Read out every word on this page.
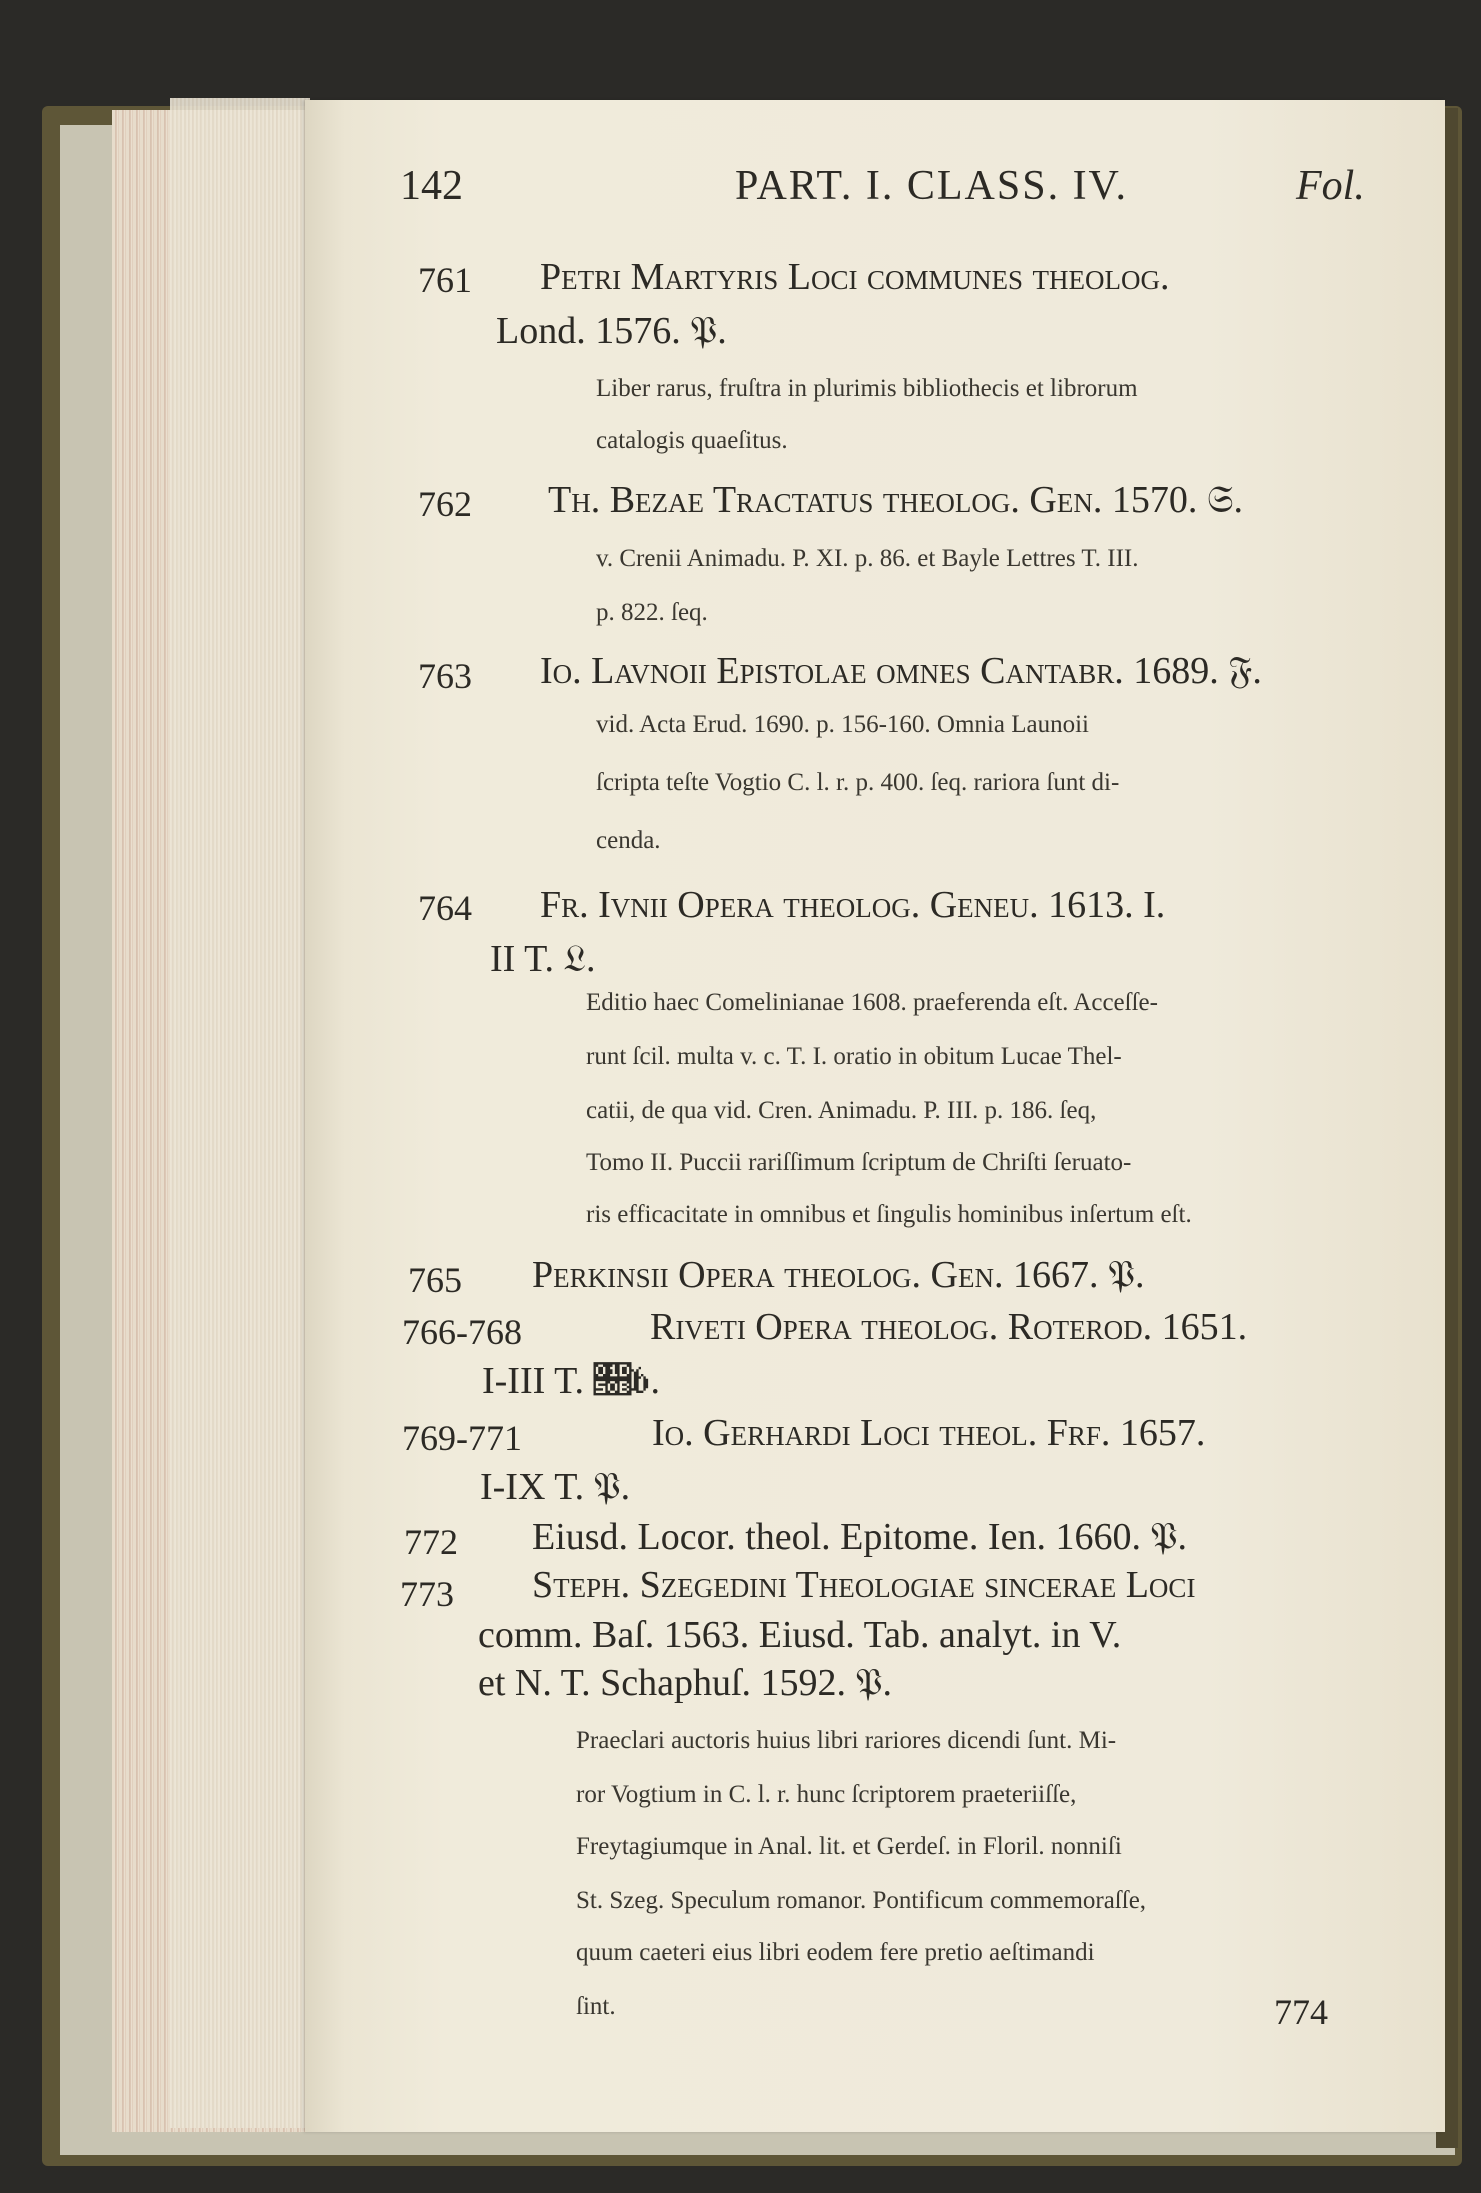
142	PART. I. CLASS. IV.	Fol.
761 Petri Martyris Loci communes theolog.
Lond. 1576. 𝔓.
Liber rarus, fruſtra in plurimis bibliothecis et librorum
catalogis quaeſitus.
762 Th. Bezae Tractatus theolog. Gen. 1570. 𝔖.
v. Crenii Animadu. P. XI. p. 86. et Bayle Lettres T. III.
p. 822. ſeq.
763 Io. Lavnoii Epiſtolae omnes Cantabr. 1689. 𝔉.
vid. Acta Erud. 1690. p. 156-160. Omnia Launoii
ſcripta teſte Vogtio C. l. r. p. 400. ſeq. rariora ſunt di-
cenda.
764 Fr. Ivnii Opera theolog. Geneu. 1613. I.
II T. 𝔏.
Editio haec Comelinianae 1608. praeferenda eſt. Acceſſe-
runt ſcil. multa v. c. T. I. oratio in obitum Lucae Thel-
catii, de qua vid. Cren. Animadu. P. III. p. 186. ſeq,
Tomo II. Puccii rariſſimum ſcriptum de Chriſti ſeruato-
ris efficacitate in omnibus et ſingulis hominibus inſertum eſt.
765 Perkinsii Opera theolog. Gen. 1667. 𝔓.
766-768	Riveti Opera theolog. Roterod. 1651.
I-III T. 𝔋𝔟.
769-771	Io. Gerhardi Loci theol. Frf. 1657.
I-IX T. 𝔓.
772 Eiusd. Locor. theol. Epitome. Ien. 1660. 𝔓.
773 Steph. Szegedini Theologiae ſincerae Loci
comm. Baſ. 1563. Eiusd. Tab. analyt. in V.
et N. T. Schaphuſ. 1592. 𝔓.
Praeclari auctoris huius libri rariores dicendi ſunt. Mi-
ror Vogtium in C. l. r. hunc ſcriptorem praeteriiſſe,
Freytagiumque in Anal. lit. et Gerdeſ. in Floril. nonniſi
St. Szeg. Speculum romanor. Pontificum commemoraſſe,
quum caeteri eius libri eodem fere pretio aeſtimandi
ſint.	774
